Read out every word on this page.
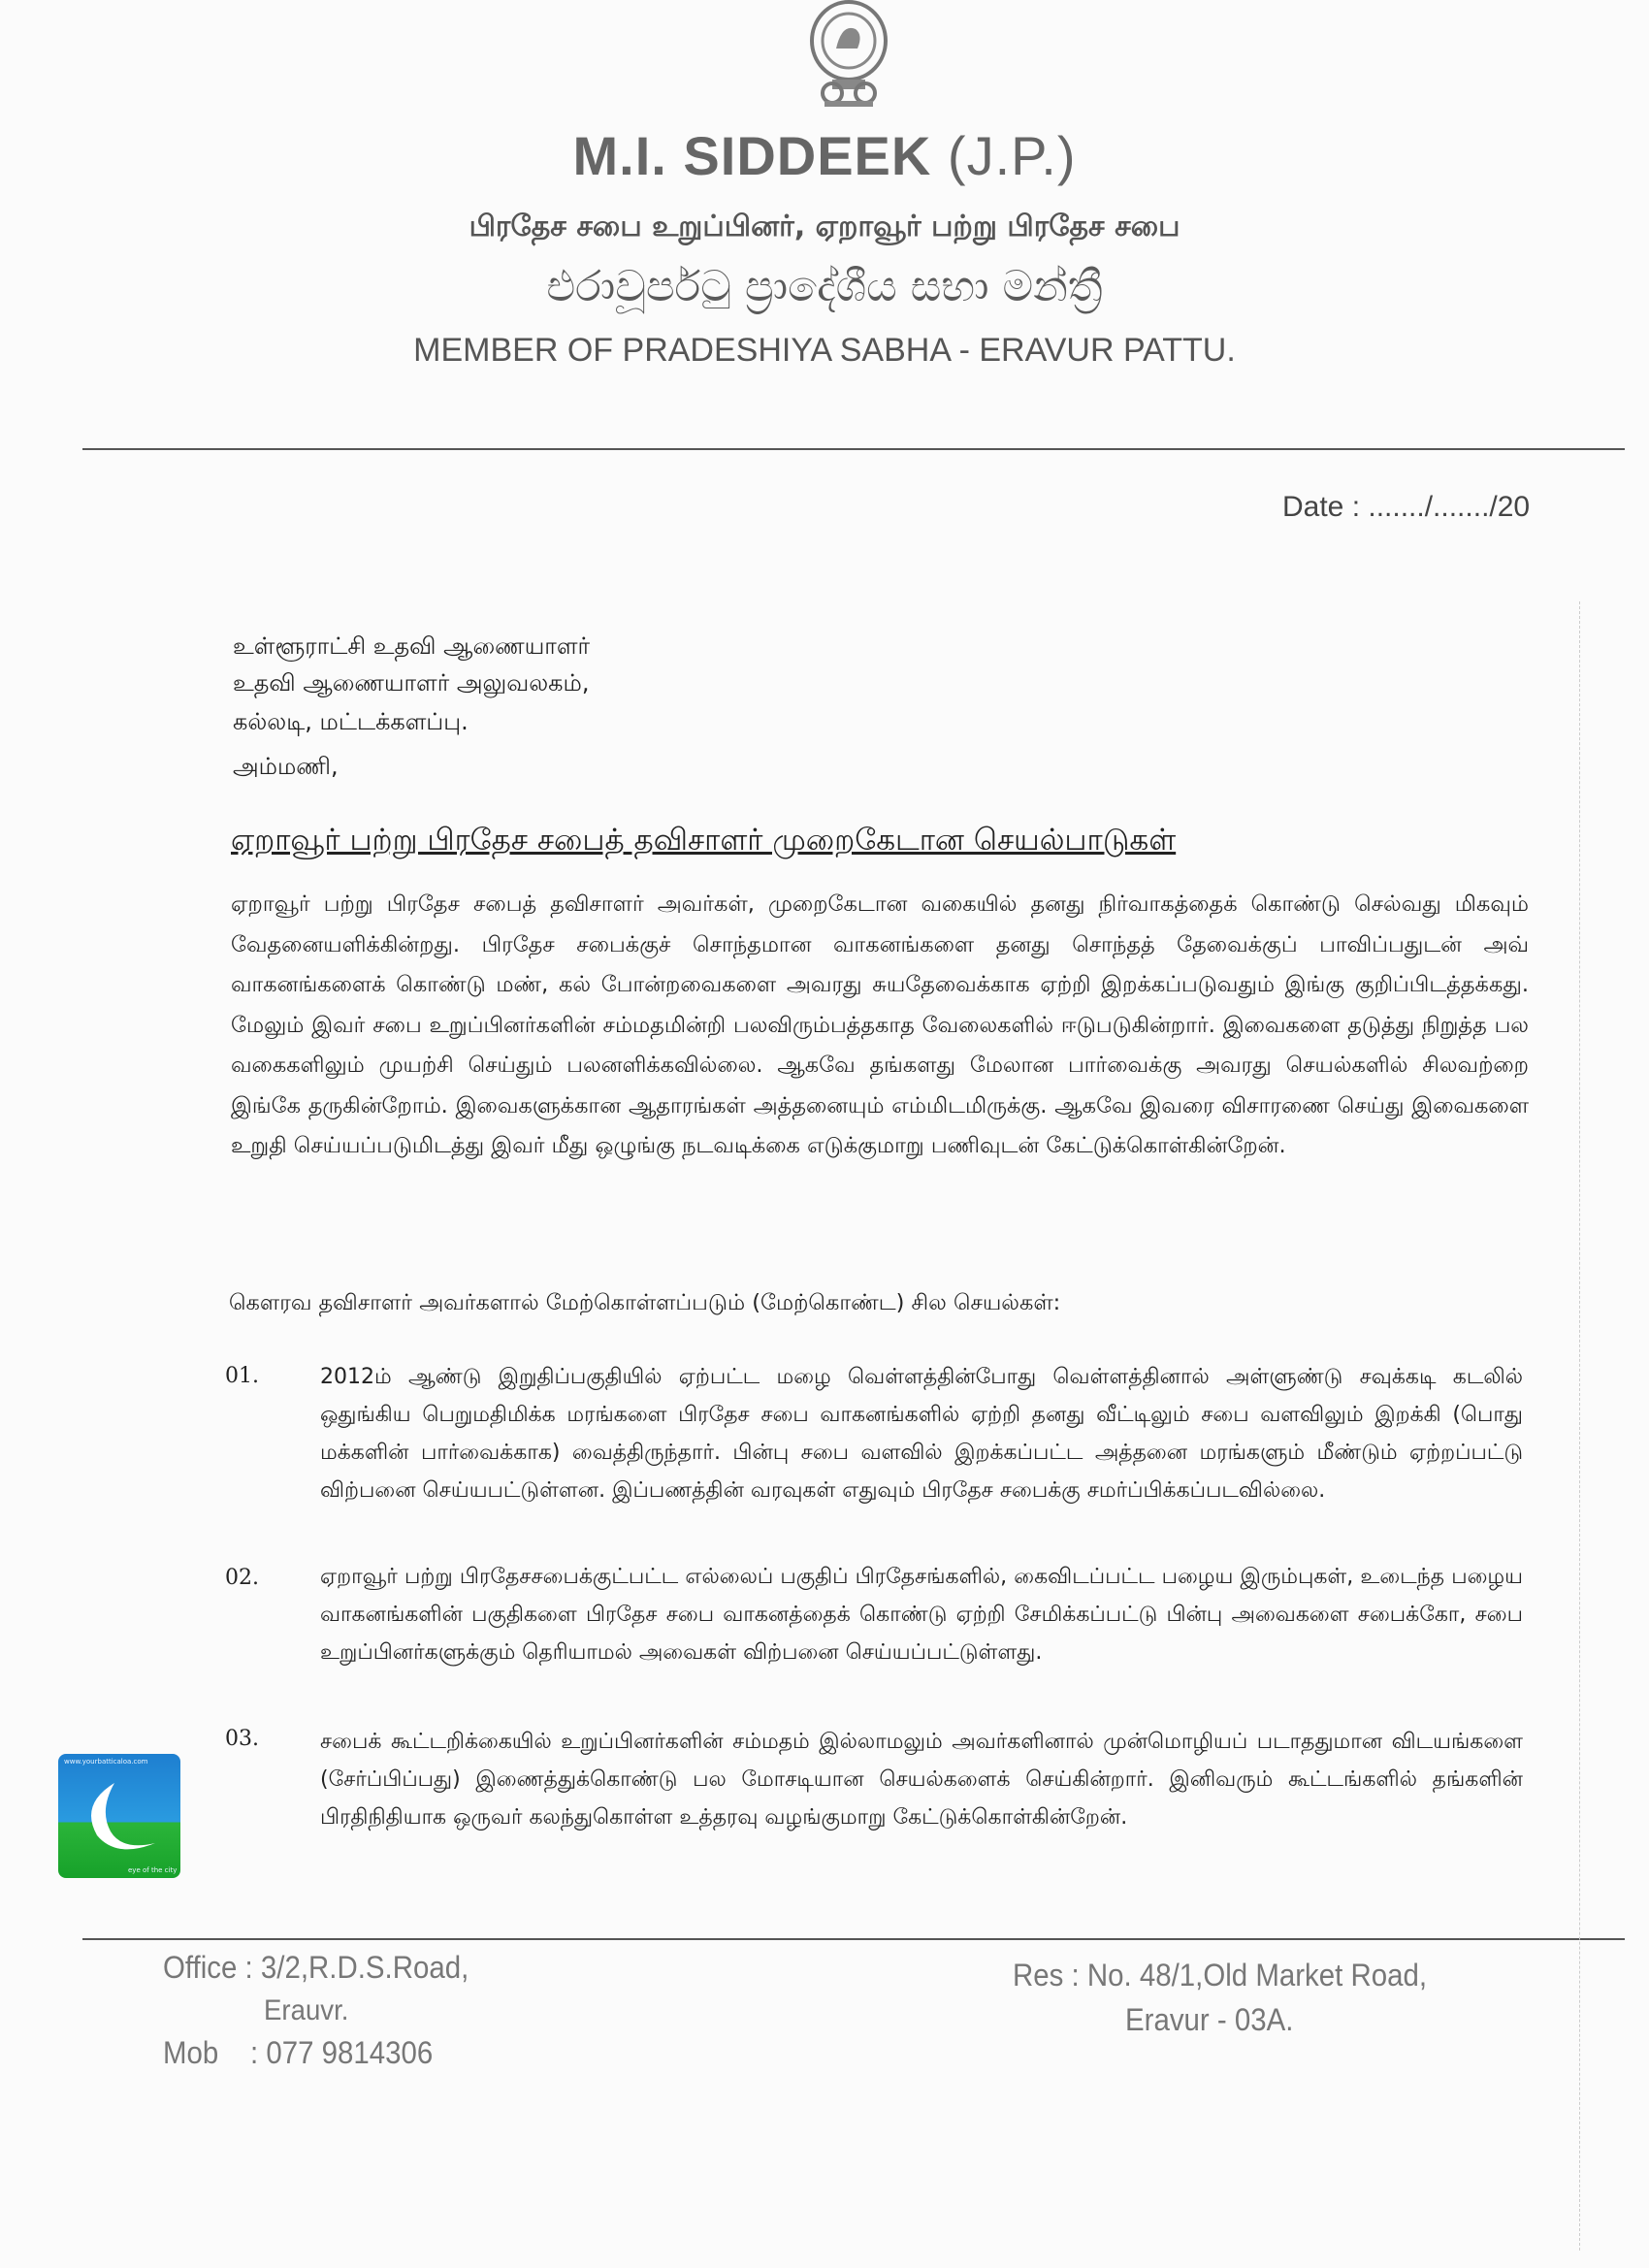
M.I. SIDDEEK (J.P.)
பிரதேச சபை உறுப்பினர், ஏறாவூர் பற்று பிரதேச சபை
එරාවූර්පටු ප්‍රාදේශීය සභා මන්ත්‍රී
MEMBER OF PRADESHIYA SABHA - ERAVUR PATTU.
Date : ......./......./20
உள்ளூராட்சி உதவி ஆணையாளர்
உதவி ஆணையாளர் அலுவலகம்,
கல்லடி, மட்டக்களப்பு.
அம்மணி,
ஏறாவூர் பற்று பிரதேச சபைத் தவிசாளர் முறைகேடான செயல்பாடுகள்
ஏறாவூர் பற்று பிரதேச சபைத் தவிசாளர் அவர்கள், முறைகேடான வகையில் தனது நிர்வாகத்தைக் கொண்டு செல்வது மிகவும் வேதனையளிக்கின்றது. பிரதேச சபைக்குச் சொந்தமான வாகனங்களை தனது சொந்தத் தேவைக்குப் பாவிப்பதுடன் அவ் வாகனங்களைக் கொண்டு மண், கல் போன்றவைகளை அவரது சுயதேவைக்காக ஏற்றி இறக்கப்படுவதும் இங்கு குறிப்பிடத்தக்கது. மேலும் இவர் சபை உறுப்பினர்களின் சம்மதமின்றி பலவிரும்பத்தகாத வேலைகளில் ஈடுபடுகின்றார். இவைகளை தடுத்து நிறுத்த பல வகைகளிலும் முயற்சி செய்தும் பலனளிக்கவில்லை. ஆகவே தங்களது மேலான பார்வைக்கு அவரது செயல்களில் சிலவற்றை இங்கே தருகின்றோம். இவைகளுக்கான ஆதாரங்கள் அத்தனையும் எம்மிடமிருக்கு. ஆகவே இவரை விசாரணை செய்து இவைகளை உறுதி செய்யப்படுமிடத்து இவர் மீது ஒழுங்கு நடவடிக்கை எடுக்குமாறு பணிவுடன் கேட்டுக்கொள்கின்றேன்.
கௌரவ தவிசாளர் அவர்களால் மேற்கொள்ளப்படும் (மேற்கொண்ட) சில செயல்கள்:
01.	2012ம் ஆண்டு இறுதிப்பகுதியில் ஏற்பட்ட மழை வெள்ளத்தின்போது வெள்ளத்தினால் அள்ளுண்டு சவுக்கடி கடலில் ஒதுங்கிய பெறுமதிமிக்க மரங்களை பிரதேச சபை வாகனங்களில் ஏற்றி தனது வீட்டிலும் சபை வளவிலும் இறக்கி (பொது மக்களின் பார்வைக்காக) வைத்திருந்தார். பின்பு சபை வளவில் இறக்கப்பட்ட அத்தனை மரங்களும் மீண்டும் ஏற்றப்பட்டு விற்பனை செய்யபட்டுள்ளன. இப்பணத்தின் வரவுகள் எதுவும் பிரதேச சபைக்கு சமர்ப்பிக்கப்படவில்லை.
02.	ஏறாவூர் பற்று பிரதேசசபைக்குட்பட்ட எல்லைப் பகுதிப் பிரதேசங்களில், கைவிடப்பட்ட பழைய இரும்புகள், உடைந்த பழைய வாகனங்களின் பகுதிகளை பிரதேச சபை வாகனத்தைக் கொண்டு ஏற்றி சேமிக்கப்பட்டு பின்பு அவைகளை சபைக்கோ, சபை உறுப்பினர்களுக்கும் தெரியாமல் அவைகள் விற்பனை செய்யப்பட்டுள்ளது.
03.	சபைக் கூட்டறிக்கையில் உறுப்பினர்களின் சம்மதம் இல்லாமலும் அவர்களினால் முன்மொழியப் படாததுமான விடயங்களை (சேர்ப்பிப்பது) இணைத்துக்கொண்டு பல மோசடியான செயல்களைக் செய்கின்றார். இனிவரும் கூட்டங்களில் தங்களின் பிரதிநிதியாக ஒருவர் கலந்துகொள்ள உத்தரவு வழங்குமாறு கேட்டுக்கொள்கின்றேன்.
www.yourbatticaloa.com
eye of the city
Office : 3/2,R.D.S.Road,
Erauvr.
Mob    : 077 9814306
Res : No. 48/1,Old Market Road,
Eravur - 03A.
